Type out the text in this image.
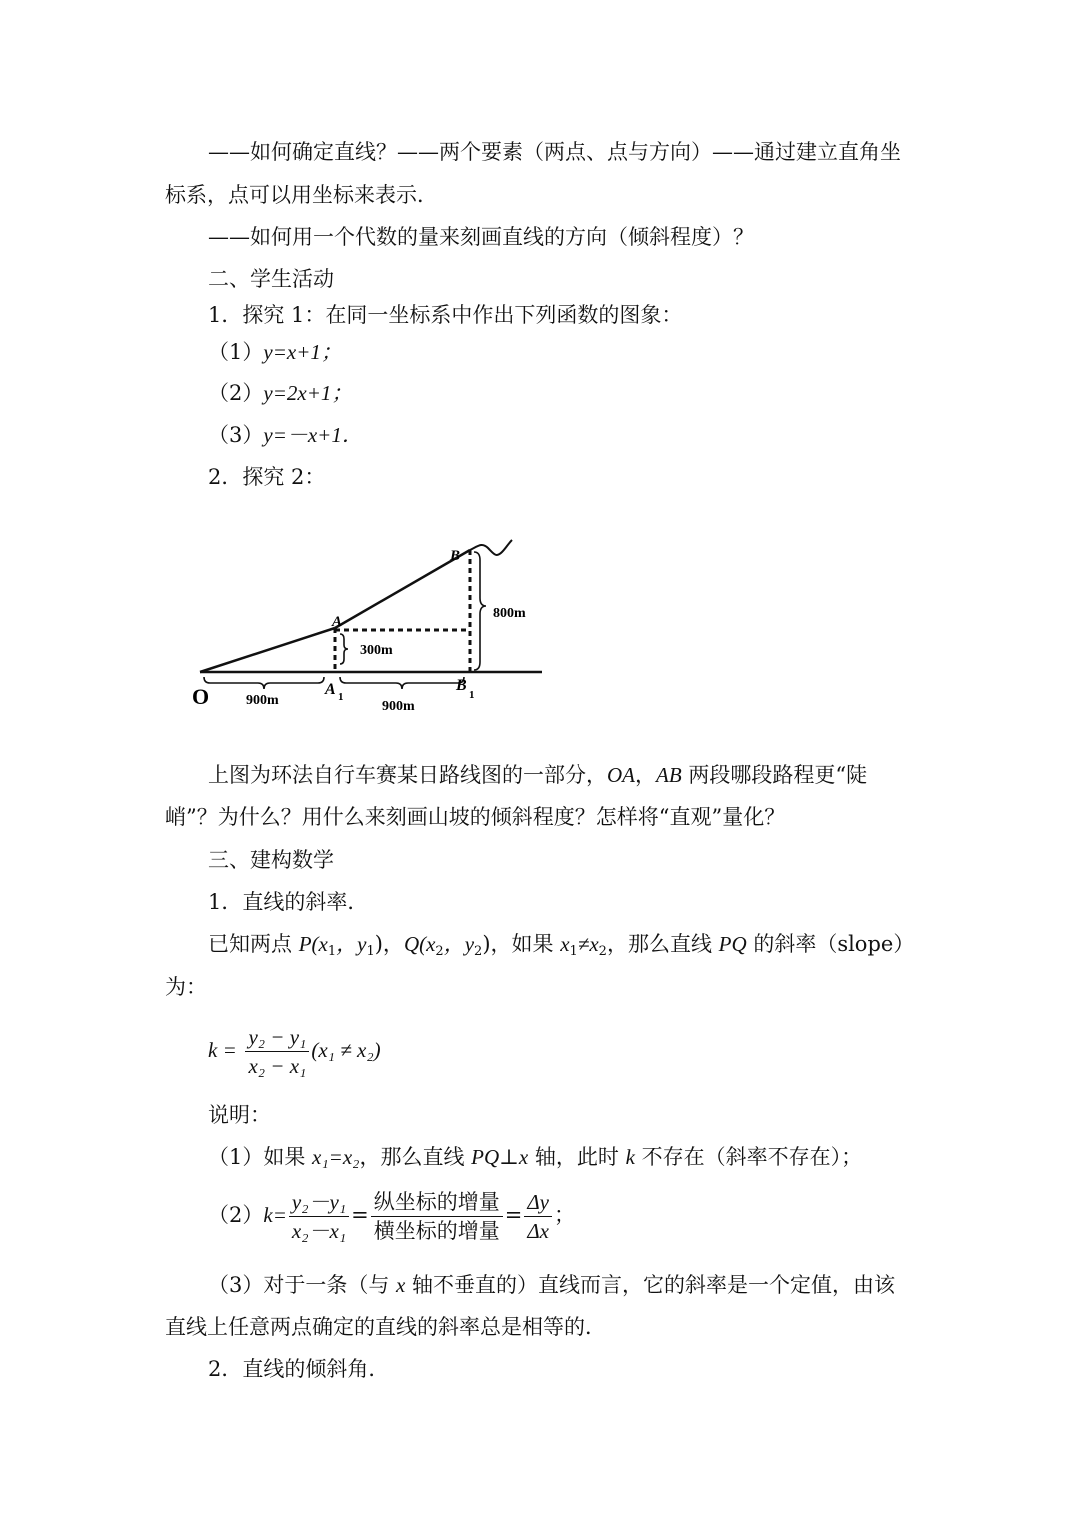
——如何确定直线？——两个要素（两点、点与方向）——通过建立直角坐
标系，点可以用坐标来表示．
——如何用一个代数的量来刻画直线的方向（倾斜程度）？
二、学生活动
1．探究 1：在同一坐标系中作出下列函数的图象：
（1）y=x+1；
（2）y=2x+1；
（3）y=－x+1．
2．探究 2：
O
A
B
A 1
B
1
900m	900m
300m
800m
上图为环法自行车赛某日路线图的一部分，OA，AB 两段哪段路程更“陡
峭”？为什么？用什么来刻画山坡的倾斜程度？怎样将“直观”量化？
三、建构数学
1．直线的斜率．
已知两点 $P(x_1$，$y_1$)，$Q(x_2$，$y_2$)，如果 $x_1\ne x_2$，那么直线 PQ 的斜率（slope）
为：
$k = \frac{\text{y₂ − y₁}}{\text{x₂ − x₁}} (x_1 \ne x_2)$
说明：
（1）如果 x₁=x₂，那么直线 PQ⊥x 轴，此时 k 不存在（斜率不存在）；
$(2)k= \frac{\text{y₂－y₁}}{\text{x₂－x₁}} = \frac{\text{纵坐标的增量}}{\text{横坐标的增量}} = \frac{\Delta y}{\Delta x}$ ；
（3）对于一条（与 x 轴不垂直的）直线而言，它的斜率是一个定值，由该
直线上任意两点确定的直线的斜率总是相等的．
2．直线的倾斜角．
